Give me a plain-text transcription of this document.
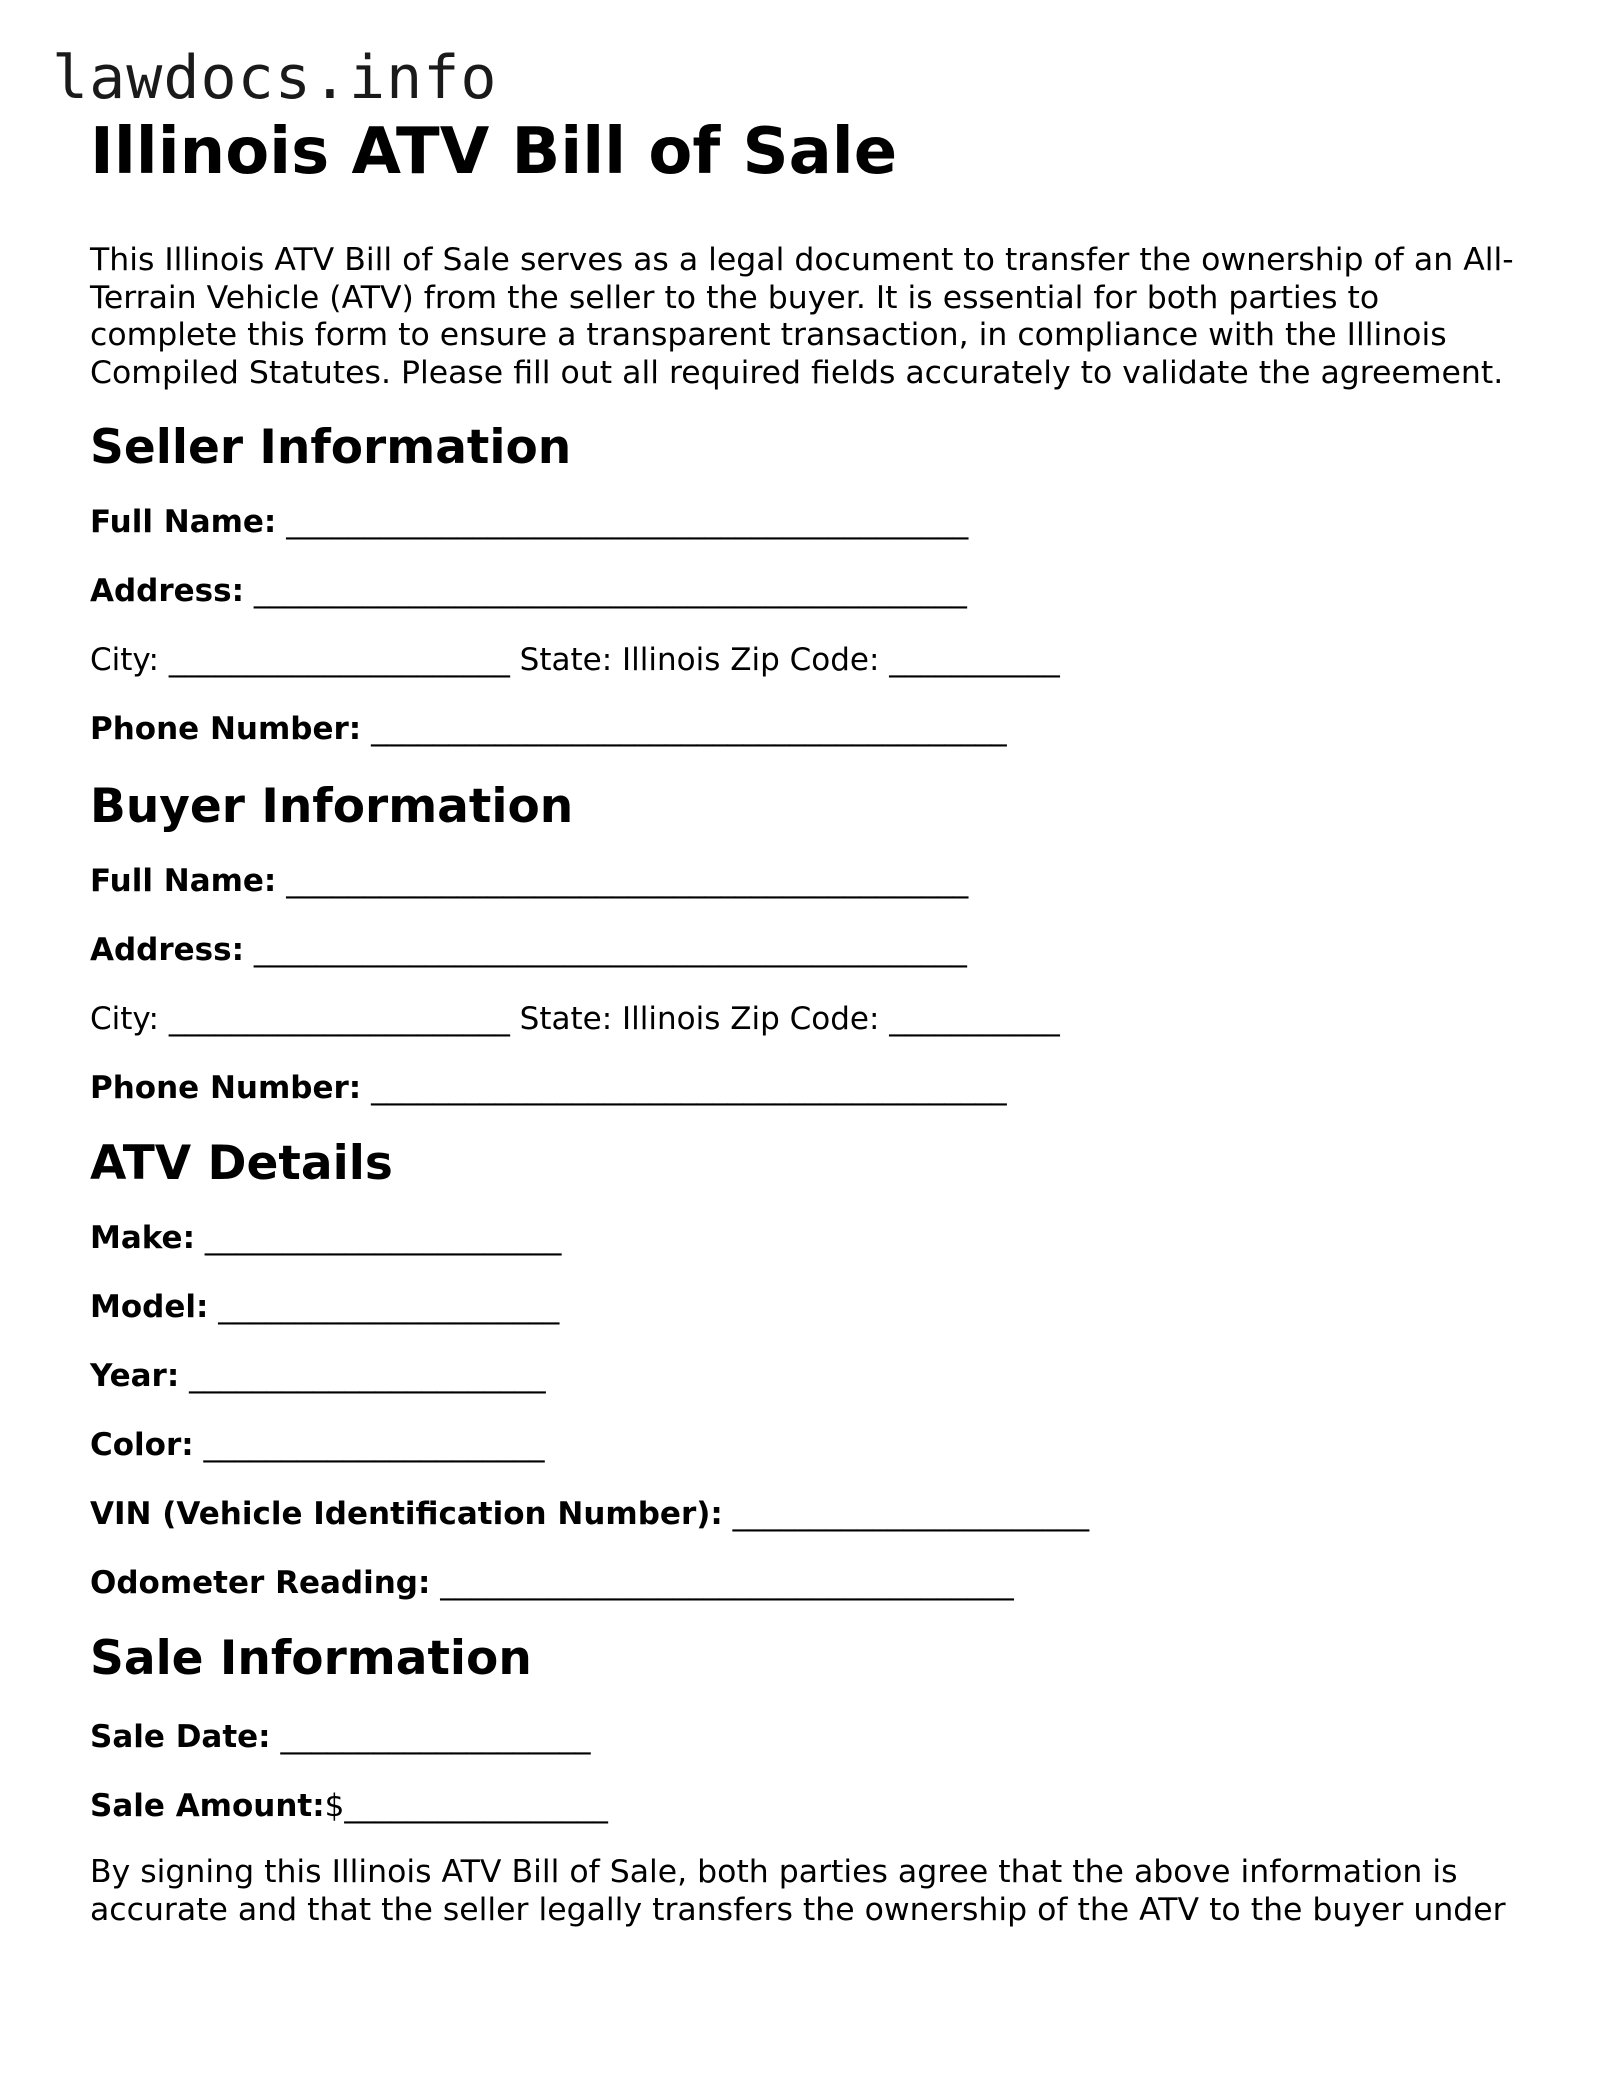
lawdocs.info
Illinois ATV Bill of Sale

This Illinois ATV Bill of Sale serves as a legal document to transfer the ownership of an All-Terrain Vehicle (ATV) from the seller to the buyer. It is essential for both parties to complete this form to ensure a transparent transaction, in compliance with the Illinois Compiled Statutes. Please fill out all required fields accurately to validate the agreement.

Seller Information
Full Name: ____________________________________________
Address: ______________________________________________
City: ______________________ State: Illinois Zip Code: ___________
Phone Number: _________________________________________
Buyer Information
Full Name: ____________________________________________
Address: ______________________________________________
City: ______________________ State: Illinois Zip Code: ___________
Phone Number: _________________________________________
ATV Details
Make: _______________________
Model: ______________________
Year: _______________________
Color: ______________________
VIN (Vehicle Identification Number): _______________________
Odometer Reading: _____________________________________
Sale Information
Sale Date: ____________________
Sale Amount:$_________________

By signing this Illinois ATV Bill of Sale, both parties agree that the above information is accurate and that the seller legally transfers the ownership of the ATV to the buyer under
